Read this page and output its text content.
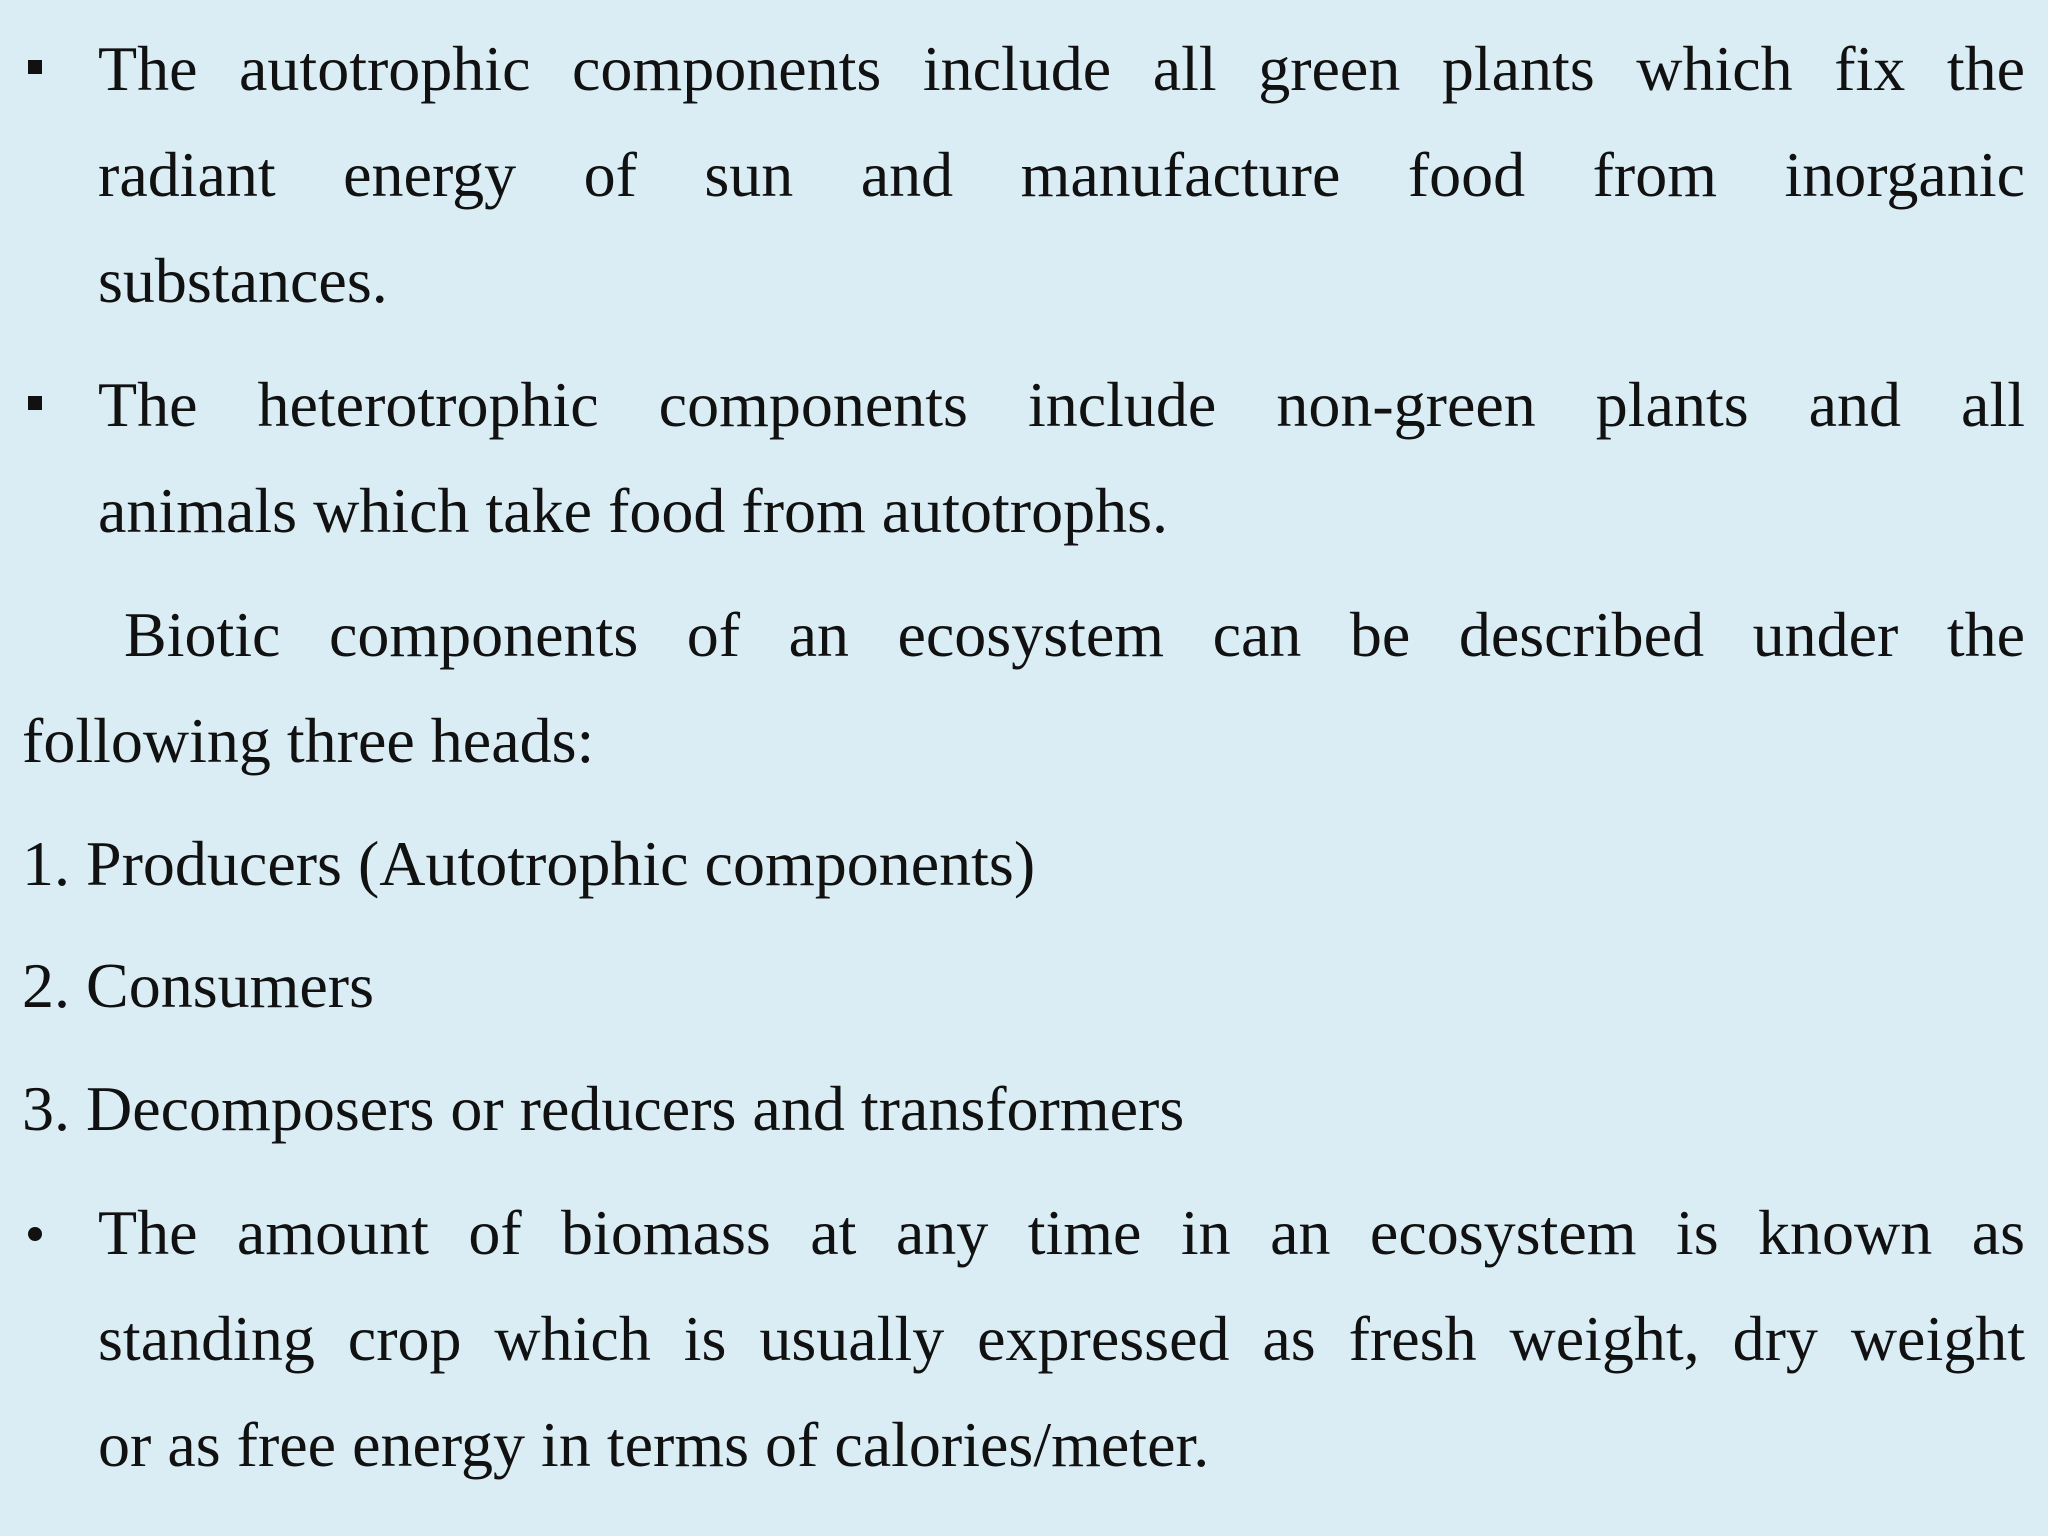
The autotrophic components include all green plants which fix the
radiant energy of sun and manufacture food from inorganic
substances.
The heterotrophic components include non-green plants and all
animals which take food from autotrophs.
Biotic components of an ecosystem can be described under the
following three heads:
1. Producers (Autotrophic components)
2. Consumers
3. Decomposers or reducers and transformers
The amount of biomass at any time in an ecosystem is known as
standing crop which is usually expressed as fresh weight, dry weight
or as free energy in terms of calories/meter.
